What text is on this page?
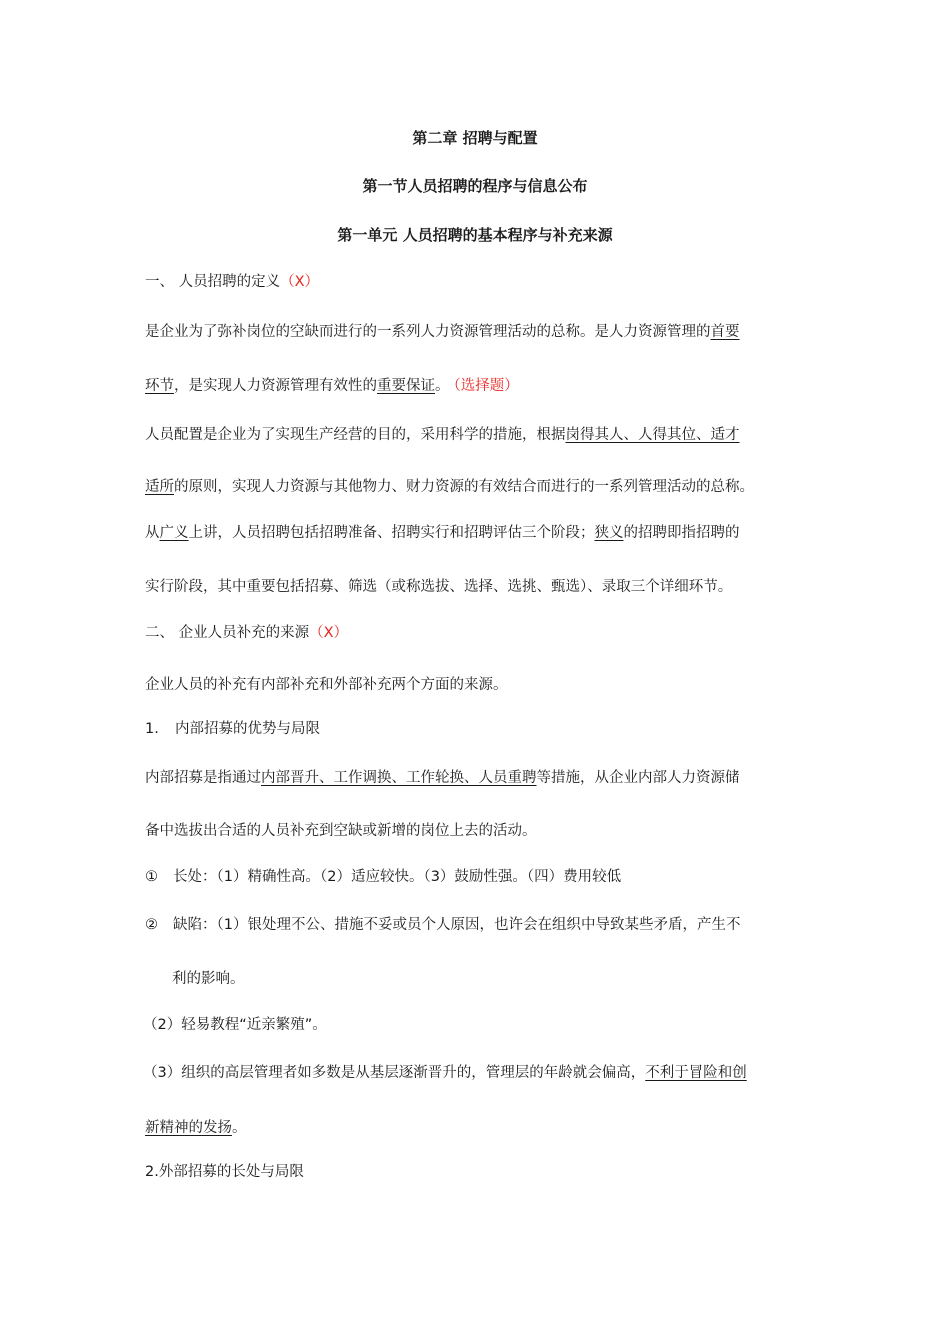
第二章 招聘与配置
第一节人员招聘的程序与信息公布
第一单元 人员招聘的基本程序与补充来源
一、 人员招聘的定义（X）
是企业为了弥补岗位的空缺而进行的一系列人力资源管理活动的总称。是人力资源管理的首要
环节，是实现人力资源管理有效性的重要保证。 （选择题）
人员配置是企业为了实现生产经营的目的，采用科学的措施，根据岗得其人、人得其位、适才
适所的原则，实现人力资源与其他物力、财力资源的有效结合而进行的一系列管理活动的总称。
从广义上讲，人员招聘包括招聘准备、招聘实行和招聘评估三个阶段；狭义的招聘即指招聘的
实行阶段，其中重要包括招募、筛选（或称选拔、选择、选挑、甄选）、录取三个详细环节。
二、 企业人员补充的来源（X）
企业人员的补充有内部补充和外部补充两个方面的来源。
1. 内部招募的优势与局限
内部招募是指通过内部晋升、工作调换、工作轮换、人员重聘等措施，从企业内部人力资源储
备中选拔出合适的人员补充到空缺或新增的岗位上去的活动。
① 长处：（1）精确性高。（2）适应较快。（3）鼓励性强。（四）费用较低
② 缺陷：（1）银处理不公、措施不妥或员个人原因，也许会在组织中导致某些矛盾，产生不
利的影响。
（2）轻易教程“近亲繁殖”。
（3）组织的高层管理者如多数是从基层逐渐晋升的，管理层的年龄就会偏高，不利于冒险和创
新精神的发扬。
2.外部招募的长处与局限
